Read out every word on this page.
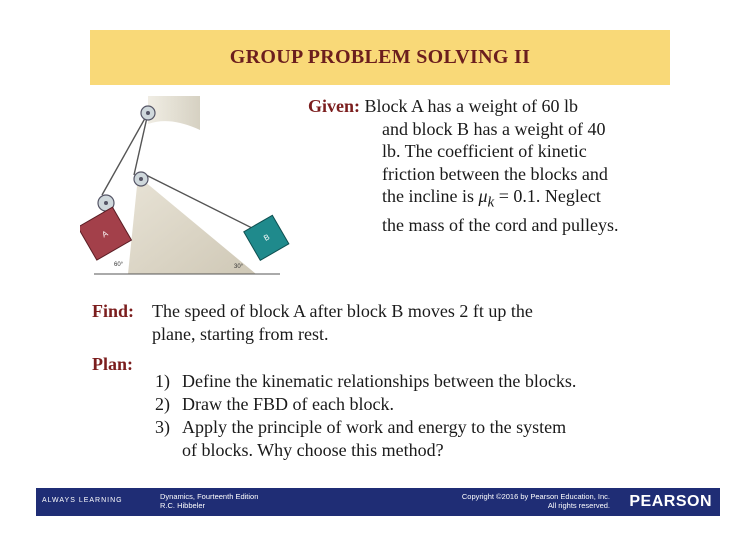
GROUP PROBLEM SOLVING II
A	B
60°	30°
Given: Block A has a weight of 60 lb
and block B has a weight of 40
lb. The coefficient of kinetic
friction between the blocks and
the incline is $\mu_k = 0.1$. Neglect
the mass of the cord and pulleys.
Find: The speed of block A after block B moves 2 ft up the
plane, starting from rest.
Plan:
1) Define the kinematic relationships between the blocks.
2) Draw the FBD of each block.
3) Apply the principle of work and energy to the system
of blocks. Why choose this method?
ALWAYS LEARNING	Dynamics, Fourteenth Edition
R.C. Hibbeler
Copyright ©2016 by Pearson Education, Inc.
All rights reserved. PEARSON
